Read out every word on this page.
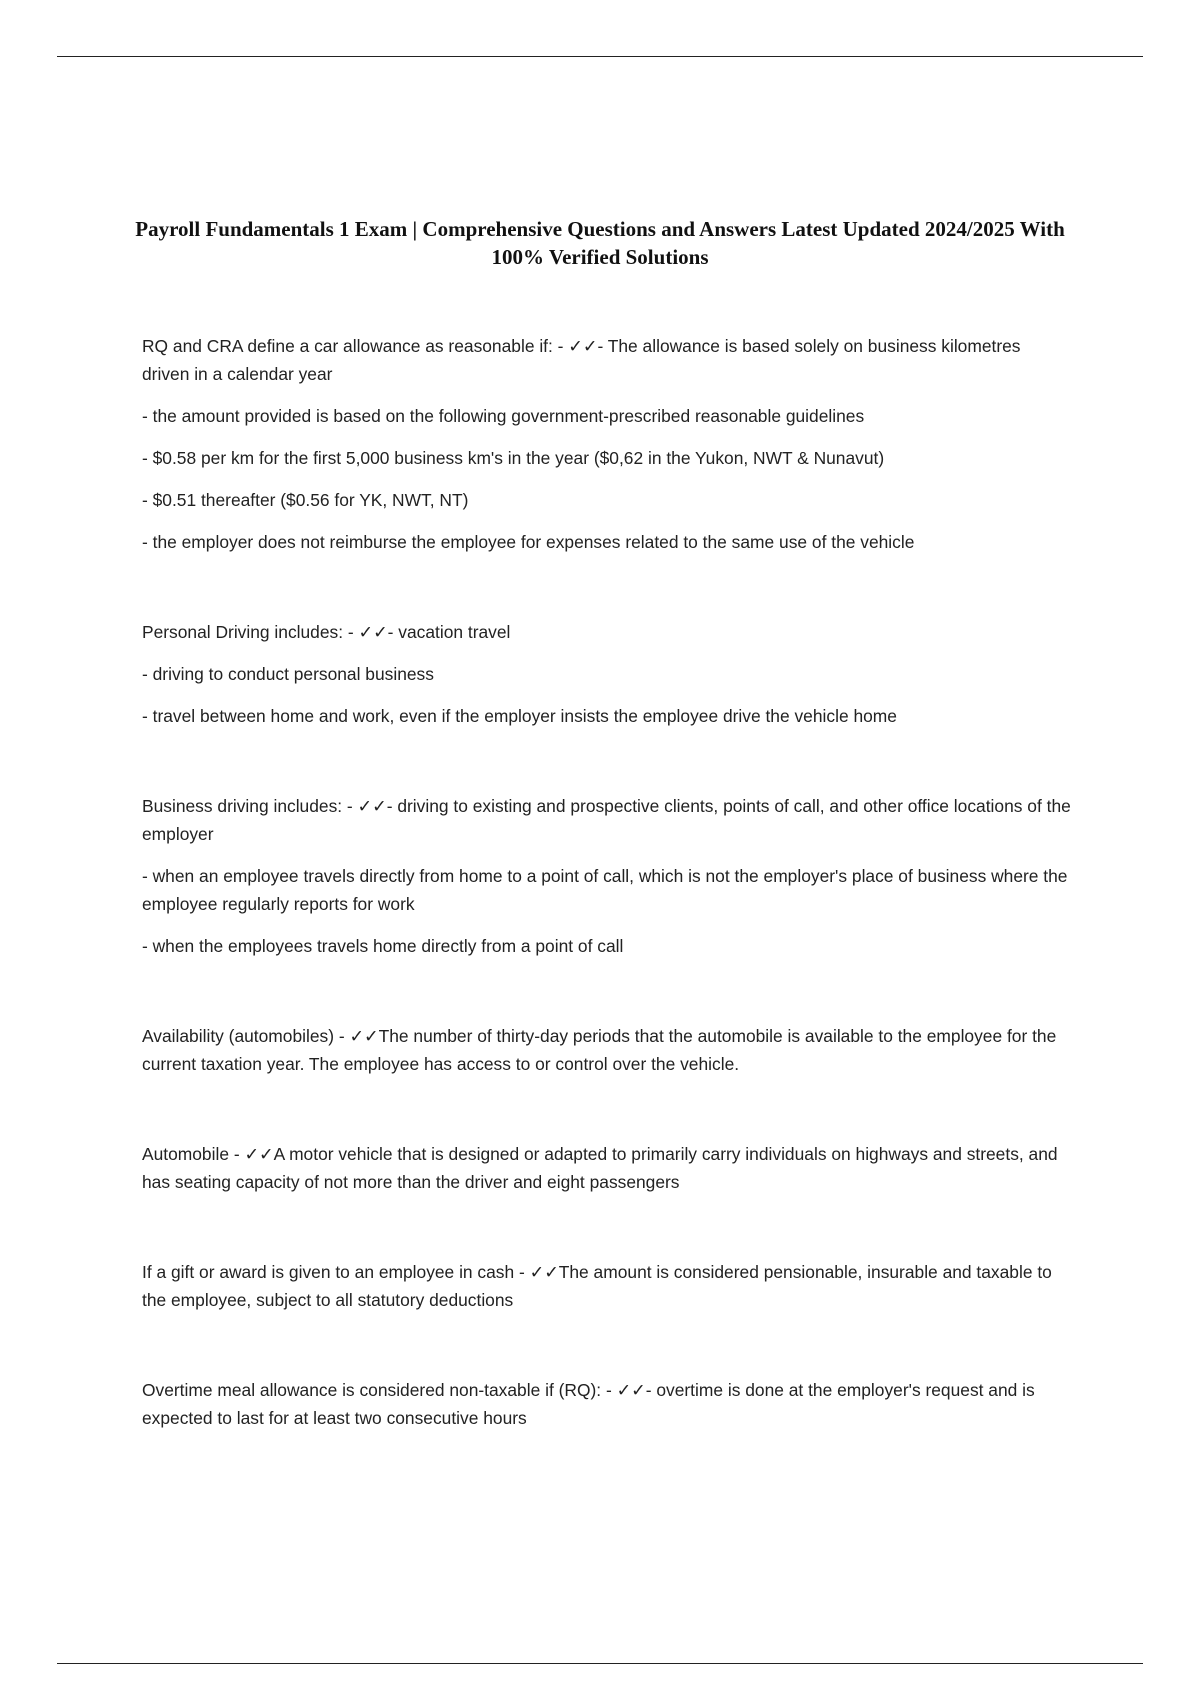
Payroll Fundamentals 1 Exam | Comprehensive Questions and Answers Latest Updated 2024/2025 With 100% Verified Solutions

RQ and CRA define a car allowance as reasonable if: - ✓✓- The allowance is based solely on business kilometres driven in a calendar year

- the amount provided is based on the following government-prescribed reasonable guidelines

- $0.58 per km for the first 5,000 business km's in the year ($0,62 in the Yukon, NWT & Nunavut)

- $0.51 thereafter ($0.56 for YK, NWT, NT)

- the employer does not reimburse the employee for expenses related to the same use of the vehicle

Personal Driving includes: - ✓✓- vacation travel

- driving to conduct personal business

- travel between home and work, even if the employer insists the employee drive the vehicle home

Business driving includes: - ✓✓- driving to existing and prospective clients, points of call, and other office locations of the employer

- when an employee travels directly from home to a point of call, which is not the employer's place of business where the employee regularly reports for work

- when the employees travels home directly from a point of call

Availability (automobiles) - ✓✓The number of thirty-day periods that the automobile is available to the employee for the current taxation year. The employee has access to or control over the vehicle.

Automobile - ✓✓A motor vehicle that is designed or adapted to primarily carry individuals on highways and streets, and has seating capacity of not more than the driver and eight passengers

If a gift or award is given to an employee in cash - ✓✓The amount is considered pensionable, insurable and taxable to the employee, subject to all statutory deductions

Overtime meal allowance is considered non-taxable if (RQ): - ✓✓- overtime is done at the employer's request and is expected to last for at least two consecutive hours
